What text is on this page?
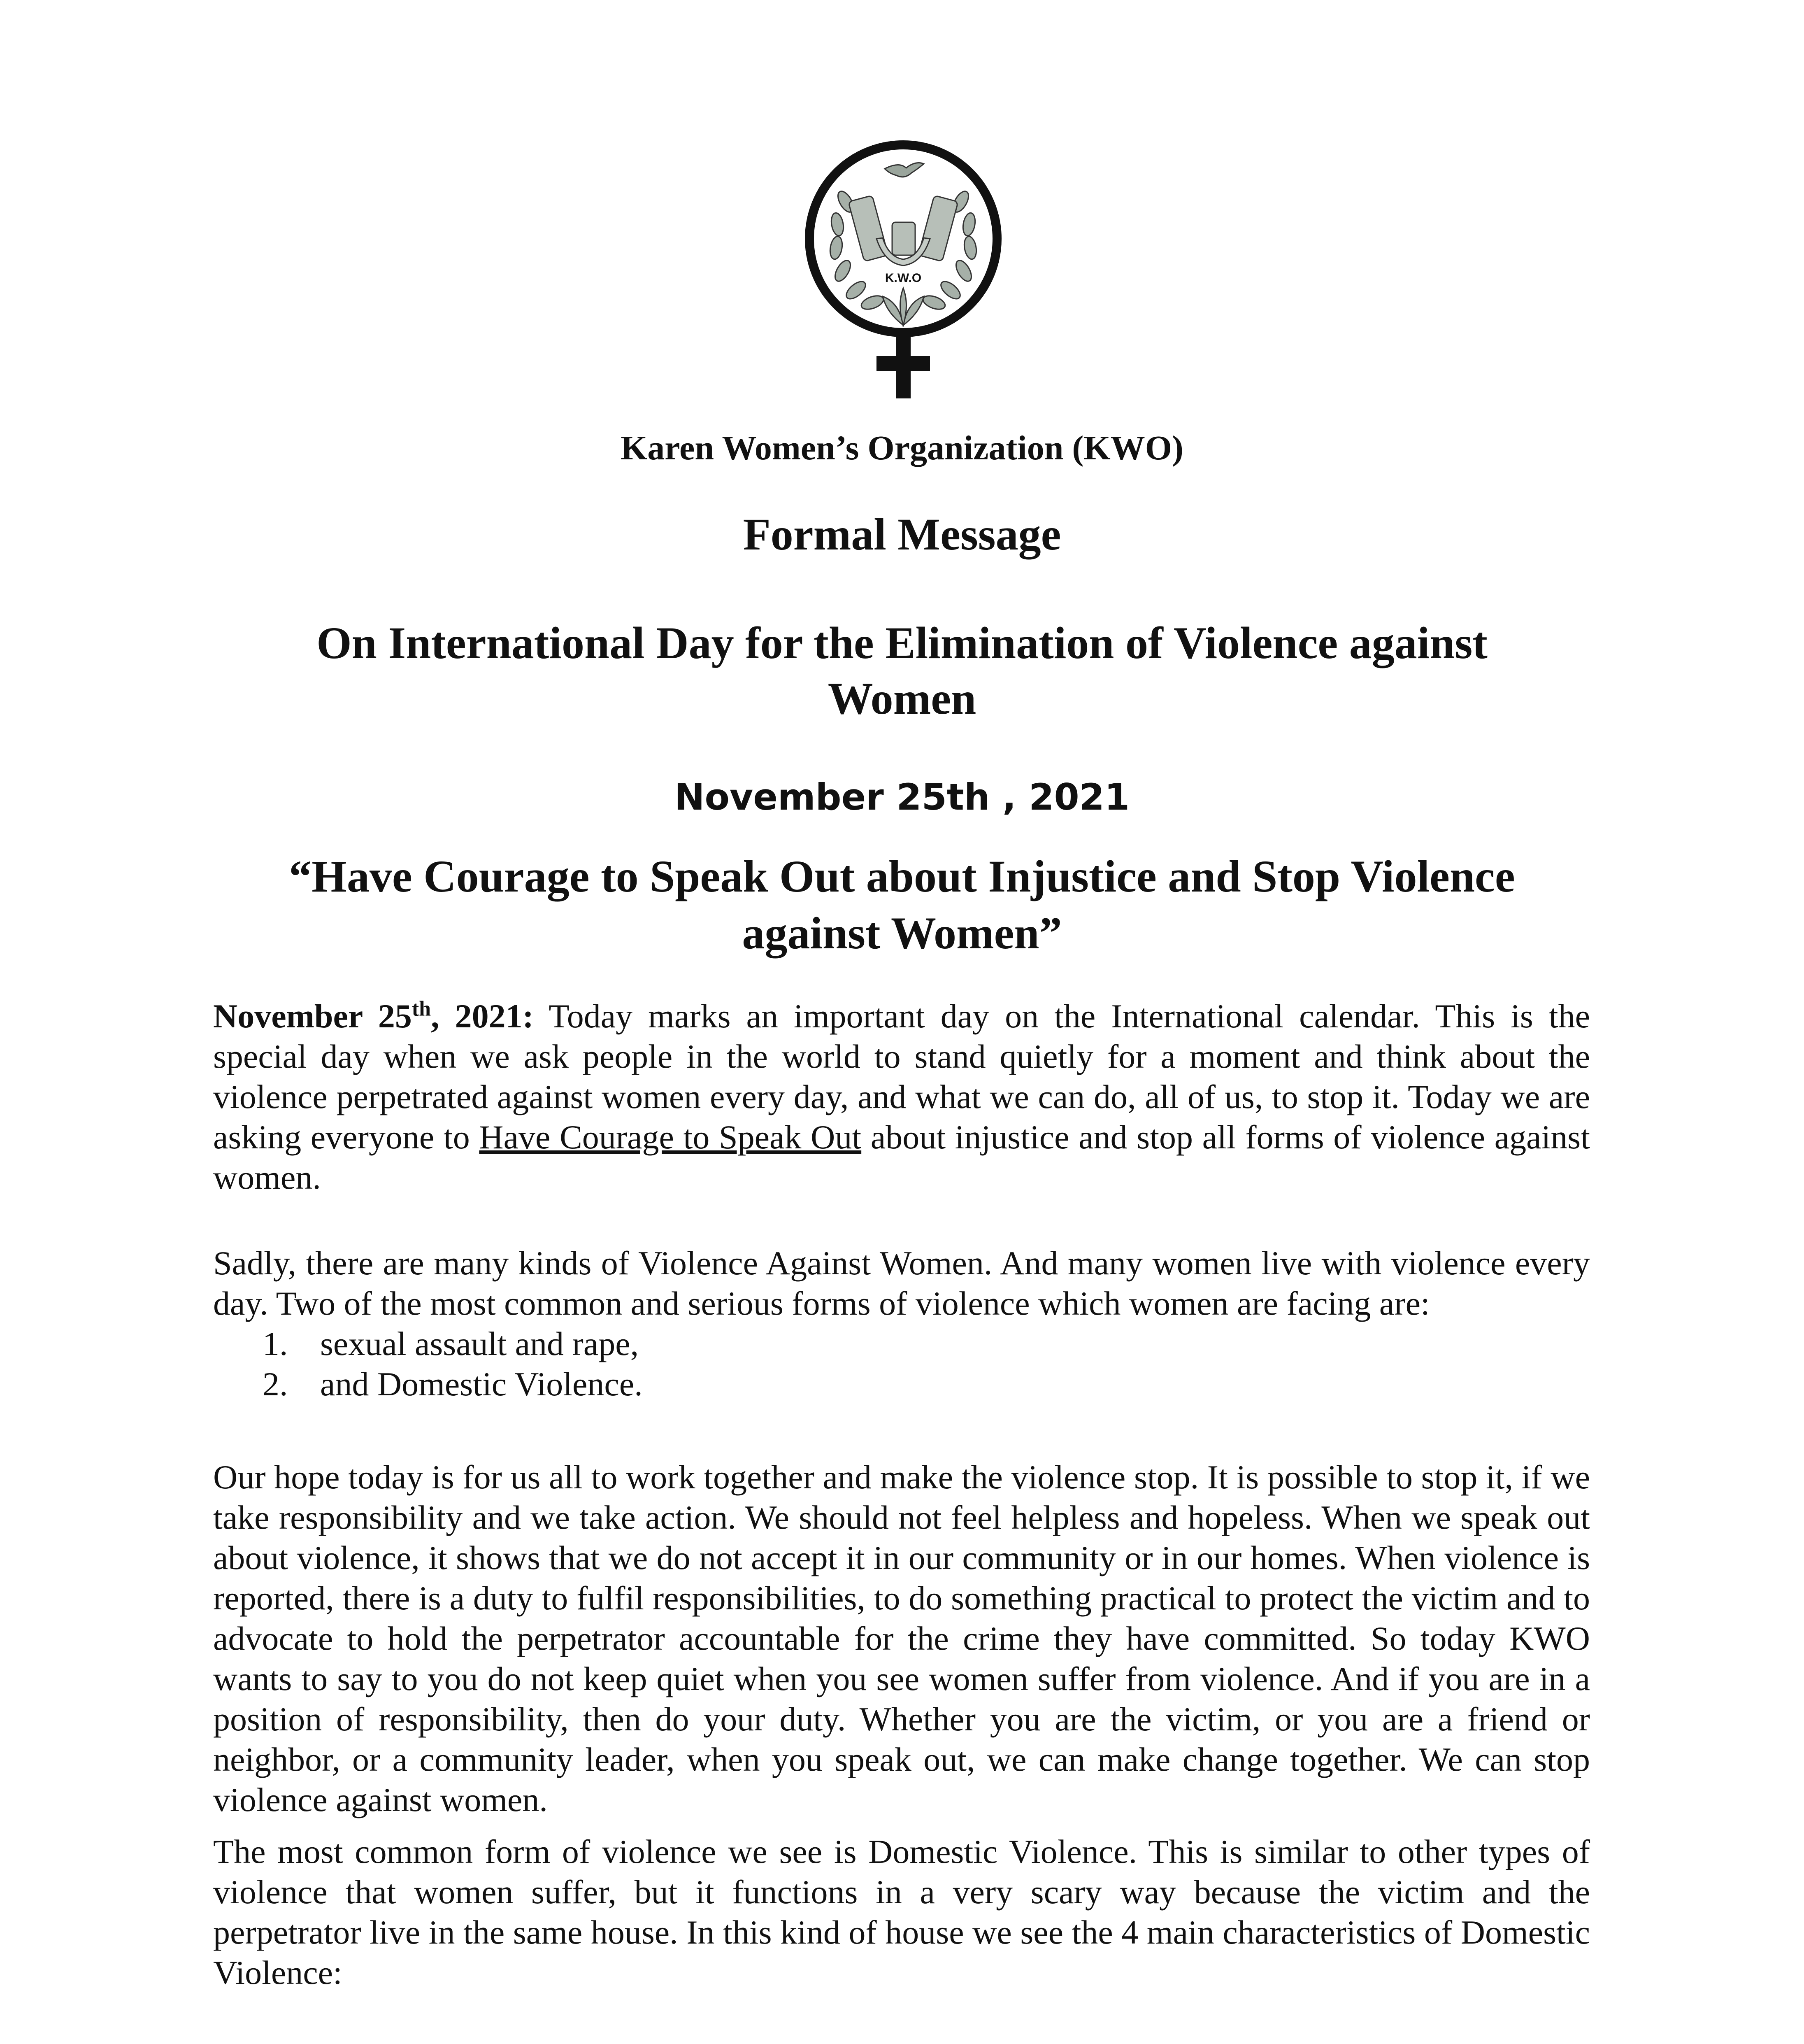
K.W.O
Karen Women’s Organization (KWO)
Formal Message
On International Day for the Elimination of Violence against
Women
November 25th , 2021
“Have Courage to Speak Out about Injustice and Stop Violence
against Women”
November 25th, 2021: Today marks an important day on the International calendar. This is the special day when we ask people in the world to stand quietly for a moment and think about the violence perpetrated against women every day, and what we can do, all of us, to stop it. Today we are asking everyone to Have Courage to Speak Out about injustice and stop all forms of violence against women.
Sadly, there are many kinds of Violence Against Women. And many women live with violence every day. Two of the most common and serious forms of violence which women are facing are:
1. sexual assault and rape,
2. and Domestic Violence.
Our hope today is for us all to work together and make the violence stop. It is possible to stop it, if we take responsibility and we take action. We should not feel helpless and hopeless. When we speak out about violence, it shows that we do not accept it in our community or in our homes. When violence is reported, there is a duty to fulfil responsibilities, to do something practical to protect the victim and to advocate to hold the perpetrator accountable for the crime they have committed. So today KWO wants to say to you do not keep quiet when you see women suffer from violence. And if you are in a position of responsibility, then do your duty. Whether you are the victim, or you are a friend or neighbor, or a community leader, when you speak out, we can make change together. We can stop violence against women.
The most common form of violence we see is Domestic Violence. This is similar to other types of violence that women suffer, but it functions in a very scary way because the victim and the perpetrator live in the same house. In this kind of house we see the 4 main characteristics of Domestic Violence:
